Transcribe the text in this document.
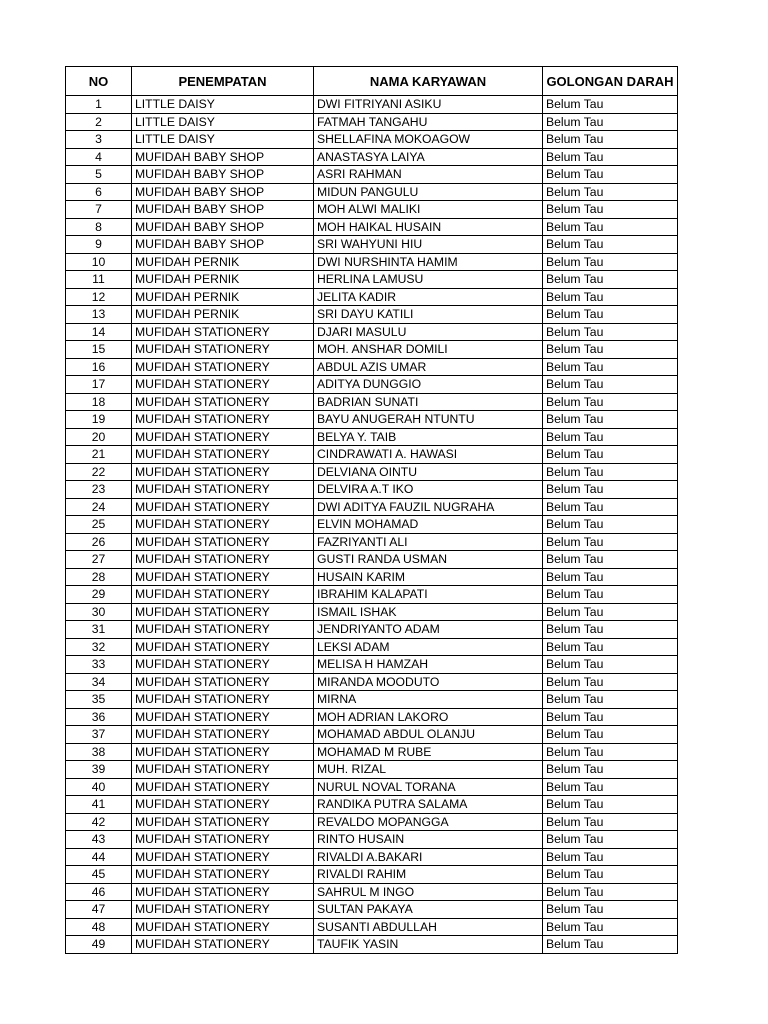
NO	PENEMPATAN	NAMA KARYAWAN	GOLONGAN DARAH
1	LITTLE DAISY	DWI FITRIYANI ASIKU	Belum Tau
2	LITTLE DAISY	FATMAH TANGAHU	Belum Tau
3	LITTLE DAISY	SHELLAFINA MOKOAGOW	Belum Tau
4	MUFIDAH BABY SHOP	ANASTASYA LAIYA	Belum Tau
5	MUFIDAH BABY SHOP	ASRI RAHMAN	Belum Tau
6	MUFIDAH BABY SHOP	MIDUN PANGULU	Belum Tau
7	MUFIDAH BABY SHOP	MOH ALWI MALIKI	Belum Tau
8	MUFIDAH BABY SHOP	MOH HAIKAL HUSAIN	Belum Tau
9	MUFIDAH BABY SHOP	SRI WAHYUNI HIU	Belum Tau
10	MUFIDAH PERNIK	DWI NURSHINTA HAMIM	Belum Tau
11	MUFIDAH PERNIK	HERLINA LAMUSU	Belum Tau
12	MUFIDAH PERNIK	JELITA KADIR	Belum Tau
13	MUFIDAH PERNIK	SRI DAYU KATILI	Belum Tau
14	MUFIDAH STATIONERY	DJARI MASULU	Belum Tau
15	MUFIDAH STATIONERY	MOH. ANSHAR DOMILI	Belum Tau
16	MUFIDAH STATIONERY	ABDUL AZIS UMAR	Belum Tau
17	MUFIDAH STATIONERY	ADITYA DUNGGIO	Belum Tau
18	MUFIDAH STATIONERY	BADRIAN SUNATI	Belum Tau
19	MUFIDAH STATIONERY	BAYU ANUGERAH NTUNTU	Belum Tau
20	MUFIDAH STATIONERY	BELYA Y. TAIB	Belum Tau
21	MUFIDAH STATIONERY	CINDRAWATI A. HAWASI	Belum Tau
22	MUFIDAH STATIONERY	DELVIANA OINTU	Belum Tau
23	MUFIDAH STATIONERY	DELVIRA A.T IKO	Belum Tau
24	MUFIDAH STATIONERY	DWI ADITYA FAUZIL NUGRAHA	Belum Tau
25	MUFIDAH STATIONERY	ELVIN MOHAMAD	Belum Tau
26	MUFIDAH STATIONERY	FAZRIYANTI ALI	Belum Tau
27	MUFIDAH STATIONERY	GUSTI RANDA USMAN	Belum Tau
28	MUFIDAH STATIONERY	HUSAIN KARIM	Belum Tau
29	MUFIDAH STATIONERY	IBRAHIM KALAPATI	Belum Tau
30	MUFIDAH STATIONERY	ISMAIL ISHAK	Belum Tau
31	MUFIDAH STATIONERY	JENDRIYANTO ADAM	Belum Tau
32	MUFIDAH STATIONERY	LEKSI ADAM	Belum Tau
33	MUFIDAH STATIONERY	MELISA H HAMZAH	Belum Tau
34	MUFIDAH STATIONERY	MIRANDA MOODUTO	Belum Tau
35	MUFIDAH STATIONERY	MIRNA	Belum Tau
36	MUFIDAH STATIONERY	MOH ADRIAN LAKORO	Belum Tau
37	MUFIDAH STATIONERY	MOHAMAD ABDUL OLANJU	Belum Tau
38	MUFIDAH STATIONERY	MOHAMAD M RUBE	Belum Tau
39	MUFIDAH STATIONERY	MUH. RIZAL	Belum Tau
40	MUFIDAH STATIONERY	NURUL NOVAL TORANA	Belum Tau
41	MUFIDAH STATIONERY	RANDIKA PUTRA SALAMA	Belum Tau
42	MUFIDAH STATIONERY	REVALDO MOPANGGA	Belum Tau
43	MUFIDAH STATIONERY	RINTO HUSAIN	Belum Tau
44	MUFIDAH STATIONERY	RIVALDI A.BAKARI	Belum Tau
45	MUFIDAH STATIONERY	RIVALDI RAHIM	Belum Tau
46	MUFIDAH STATIONERY	SAHRUL M INGO	Belum Tau
47	MUFIDAH STATIONERY	SULTAN PAKAYA	Belum Tau
48	MUFIDAH STATIONERY	SUSANTI ABDULLAH	Belum Tau
49	MUFIDAH STATIONERY	TAUFIK YASIN	Belum Tau
